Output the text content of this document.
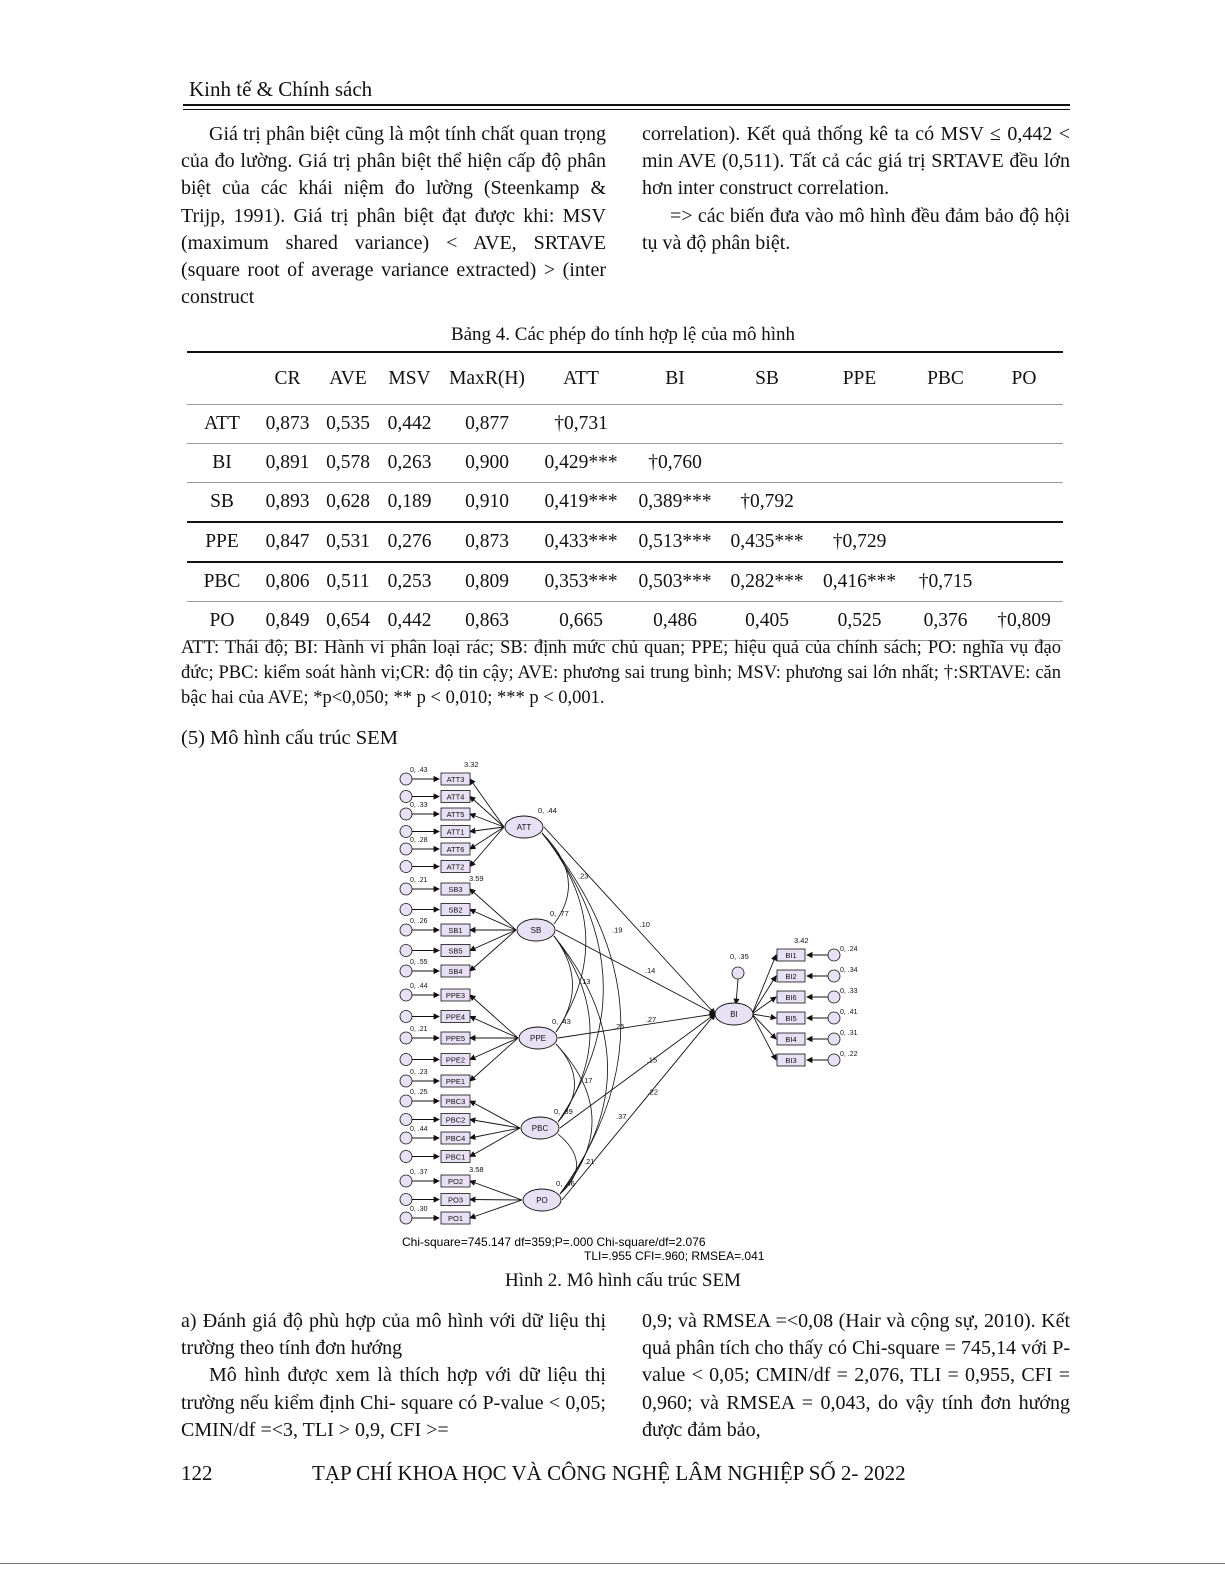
Kinh tế & Chính sách

Giá trị phân biệt cũng là một tính chất quan trọng của đo lường. Giá trị phân biệt thể hiện cấp độ phân biệt của các khái niệm đo lường (Steenkamp & Trijp, 1991). Giá trị phân biệt đạt được khi: MSV (maximum shared variance) < AVE, SRTAVE (square root of average variance extracted) > (inter construct

correlation). Kết quả thống kê ta có MSV ≤ 0,442 < min AVE (0,511). Tất cả các giá trị SRTAVE đều lớn hơn inter construct correlation.

=> các biến đưa vào mô hình đều đảm bảo độ hội tụ và độ phân biệt.

Bảng 4. Các phép đo tính hợp lệ của mô hình
	CR	AVE	MSV	MaxR(H)	ATT	BI	SB	PPE	PBC	PO
ATT	0,873	0,535	0,442	0,877	†0,731					
BI	0,891	0,578	0,263	0,900	0,429***	†0,760				
SB	0,893	0,628	0,189	0,910	0,419***	0,389***	†0,792			
PPE	0,847	0,531	0,276	0,873	0,433***	0,513***	0,435***	†0,729		
PBC	0,806	0,511	0,253	0,809	0,353***	0,503***	0,282***	0,416***	†0,715	
PO	0,849	0,654	0,442	0,863	0,665	0,486	0,405	0,525	0,376	†0,809
ATT: Thái độ; BI: Hành vi phân loại rác; SB: định mức chủ quan; PPE; hiệu quả của chính sách; PO: nghĩa vụ đạo đức; PBC: kiểm soát hành vi;CR: độ tin cậy; AVE: phương sai trung bình; MSV: phương sai lớn nhất; †:SRTAVE: căn bậc hai của AVE; *p<0,050; ** p < 0,010; *** p < 0,001.
(5) Mô hình cấu trúc SEM
ATT3
0, .43
ATT4
ATT5
0, .33
ATT1
ATT6
0, .28
ATT2
SB3
0, .21
SB2
SB1
0, .26
SB5
SB4
0, .55
PPE3
0, .44
PPE4
PPE5
0, .21
PPE2
PPE1
0, .23
PBC3
0, .25
PBC2
PBC4
0, .44
PBC1
PO2
0, .37
PO3
PO1
0, .30
BI1
0, .24
BI2
0, .34
BI6
0, .33
BI5
0, .41
BI4
0, .31
BI3
0, .22
.10
.14
.27
.15
.22
.23
.19
.13
.25
.17
.37
.21
ATT
0, .44
SB
0, .77
PPE
0, .43
PBC
0, .39
PO
0, .46
BI
0, .35
3.32
3.59
3.58
3.42
Chi-square=745.147 df=359;P=.000 Chi-square/df=2.076
TLI=.955 CFI=.960; RMSEA=.041
Hình 2. Mô hình cấu trúc SEM

a) Đánh giá độ phù hợp của mô hình với dữ liệu thị trường theo tính đơn hướng

Mô hình được xem là thích hợp với dữ liệu thị trường nếu kiểm định Chi- square có P-value < 0,05; CMIN/df =<3, TLI > 0,9, CFI >=

0,9; và RMSEA =<0,08 (Hair và cộng sự, 2010). Kết quả phân tích cho thấy có Chi-square = 745,14 với P-value < 0,05; CMIN/df = 2,076, TLI = 0,955, CFI = 0,960; và RMSEA = 0,043, do vậy tính đơn hướng được đảm bảo,

122	TẠP CHÍ KHOA HỌC VÀ CÔNG NGHỆ LÂM NGHIỆP SỐ 2- 2022
